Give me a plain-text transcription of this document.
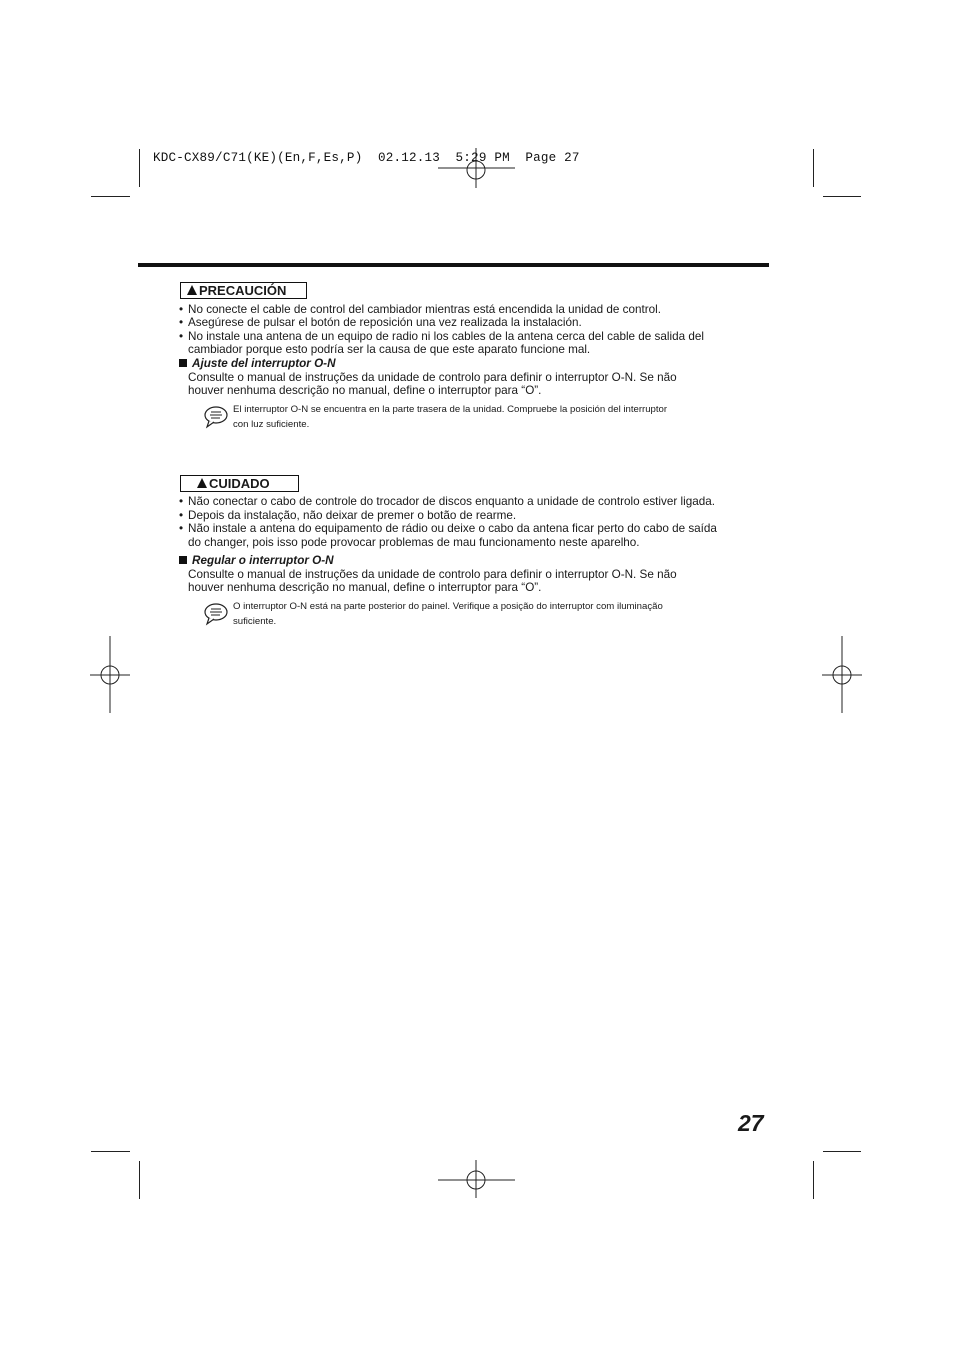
KDC-CX89/C71(KE)(En,F,Es,P)  02.12.13  5:29 PM  Page 27
PRECAUCIÓN
• No conecte el cable de control del cambiador mientras está encendida la unidad de control.
• Asegúrese de pulsar el botón de reposición una vez realizada la instalación.
• No instale una antena de un equipo de radio ni los cables de la antena cerca del cable de salida del
cambiador porque esto podría ser la causa de que este aparato funcione mal.
Ajuste del interruptor O-N
Consulte o manual de instruções da unidade de controlo para definir o interruptor O-N. Se não
houver nenhuma descrição no manual, define o interruptor para “O”.
El interruptor O-N se encuentra en la parte trasera de la unidad. Compruebe la posición del interruptor
con luz suficiente.
CUIDADO
• Não conectar o cabo de controle do trocador de discos enquanto a unidade de controlo estiver ligada.
• Depois da instalação, não deixar de premer o botão de rearme.
• Não instale a antena do equipamento de rádio ou deixe o cabo da antena ficar perto do cabo de saída
do changer, pois isso pode provocar problemas de mau funcionamento neste aparelho.
Regular o interruptor O-N
Consulte o manual de instruções da unidade de controlo para definir o interruptor O-N. Se não
houver nenhuma descrição no manual, define o interruptor para “O”.
O interruptor O-N está na parte posterior do painel. Verifique a posição do interruptor com iluminação
suficiente.
27
